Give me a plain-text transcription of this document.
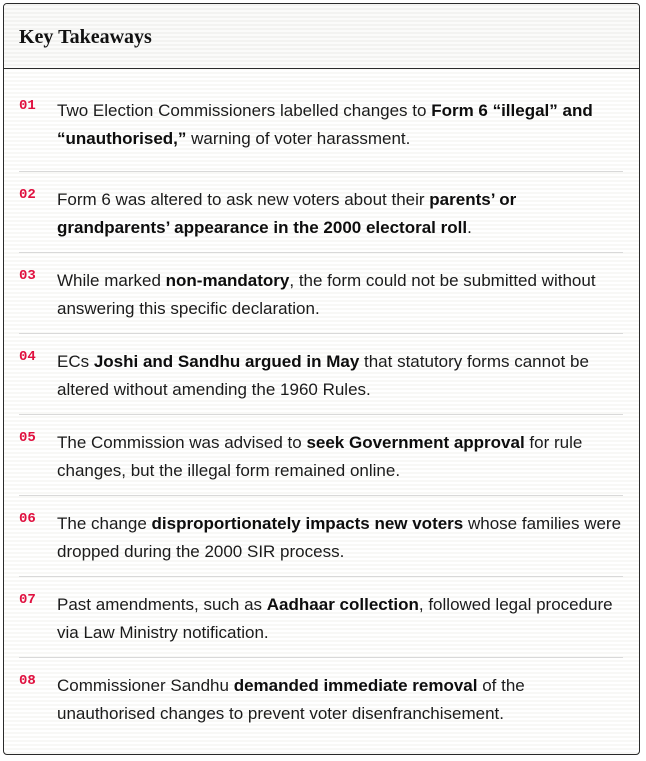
Key Takeaways
01	Two Election Commissioners labelled changes to Form 6 “illegal” and “unauthorised,” warning of voter harassment.
02	Form 6 was altered to ask new voters about their parents’ or grandparents’ appearance in the 2000 electoral roll.
03	While marked non-mandatory, the form could not be submitted without answering this specific declaration.
04	ECs Joshi and Sandhu argued in May that statutory forms cannot be altered without amending the 1960 Rules.
05	The Commission was advised to seek Government approval for rule changes, but the illegal form remained online.
06	The change disproportionately impacts new voters whose families were dropped during the 2000 SIR process.
07	Past amendments, such as Aadhaar collection, followed legal procedure via Law Ministry notification.
08	Commissioner Sandhu demanded immediate removal of the unauthorised changes to prevent voter disenfranchisement.
